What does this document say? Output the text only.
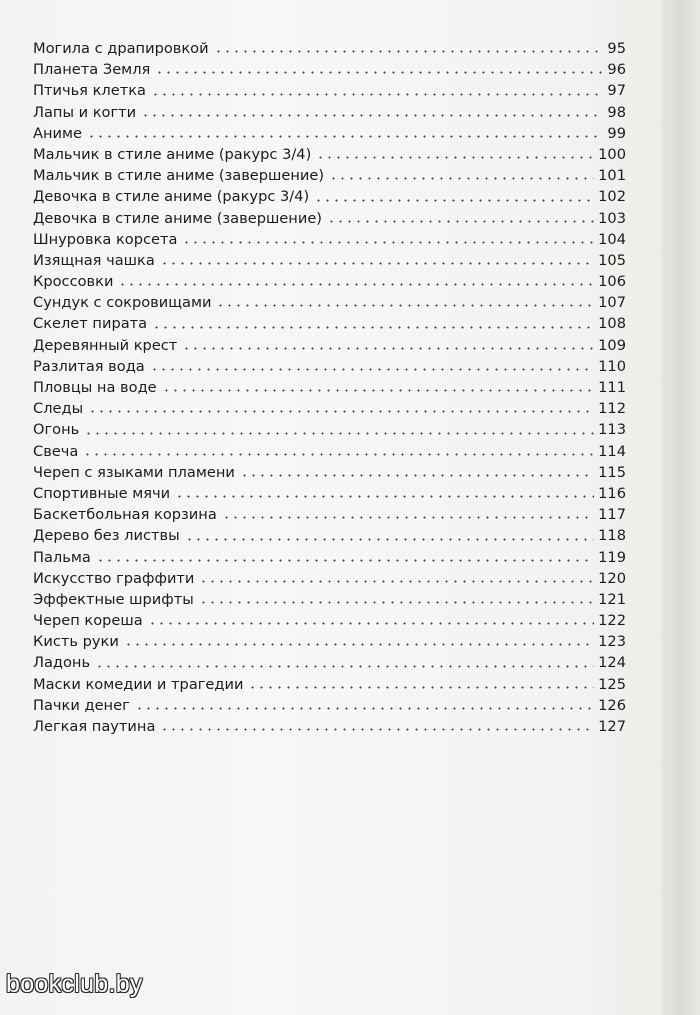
Могила с драпировкой	95
Планета Земля	96
Птичья клетка	97
Лапы и когти	98
Аниме	99
Мальчик в стиле аниме (ракурс 3/4)	100
Мальчик в стиле аниме (завершение)	101
Девочка в стиле аниме (ракурс 3/4)	102
Девочка в стиле аниме (завершение)	103
Шнуровка корсета	104
Изящная чашка	105
Кроссовки	106
Сундук с сокровищами	107
Скелет пирата	108
Деревянный крест	109
Разлитая вода	110
Пловцы на воде	111
Следы	112
Огонь	113
Свеча	114
Череп с языками пламени	115
Спортивные мячи	116
Баскетбольная корзина	117
Дерево без листвы	118
Пальма	119
Искусство граффити	120
Эффектные шрифты	121
Череп кореша	122
Кисть руки	123
Ладонь	124
Маски комедии и трагедии	125
Пачки денег	126
Легкая паутина	127
bookclub.by
